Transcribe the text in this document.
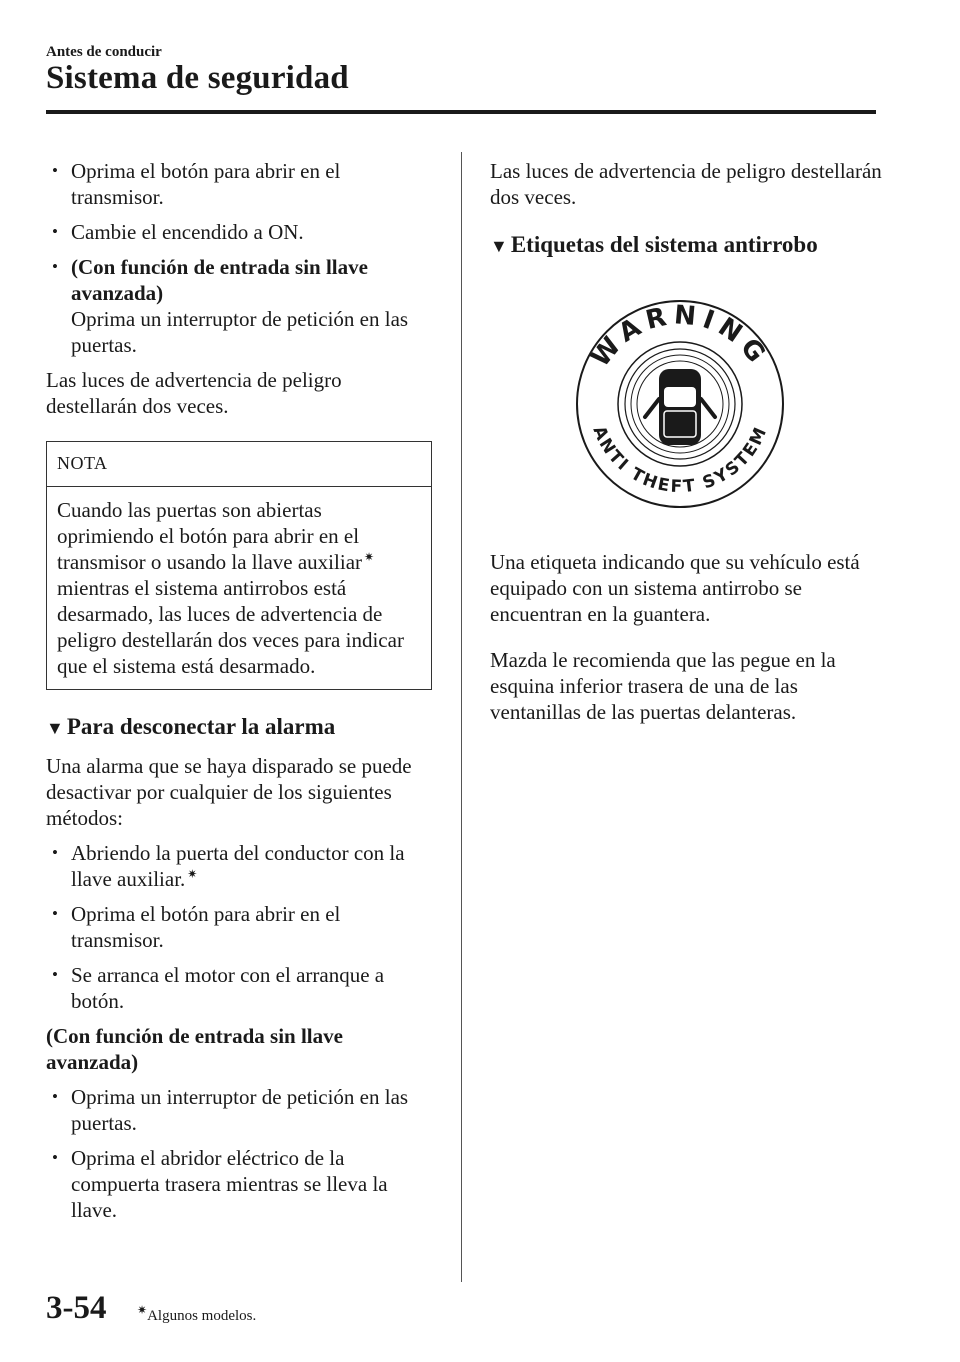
Antes de conducir
Sistema de seguridad
• Oprima el botón para abrir en el transmisor.
• Cambie el encendido a ON.
• (Con función de entrada sin llave avanzada)
Oprima un interruptor de petición en las puertas.
Las luces de advertencia de peligro destellarán dos veces.
NOTA
Cuando las puertas son abiertas oprimiendo el botón para abrir en el transmisor o usando la llave auxiliar ✷ mientras el sistema antirrobos está desarmado, las luces de advertencia de peligro destellarán dos veces para indicar que el sistema está desarmado.
▼ Para desconectar la alarma
Una alarma que se haya disparado se puede desactivar por cualquier de los siguientes métodos:
• Abriendo la puerta del conductor con la llave auxiliar. ✷
• Oprima el botón para abrir en el transmisor.
• Se arranca el motor con el arranque a botón.
(Con función de entrada sin llave avanzada)
• Oprima un interruptor de petición en las puertas.
• Oprima el abridor eléctrico de la compuerta trasera mientras se lleva la llave.
Las luces de advertencia de peligro destellarán dos veces.
▼ Etiquetas del sistema antirrobo
WARNING
ANTI THEFT SYSTEM
Una etiqueta indicando que su vehículo está equipado con un sistema antirrobo se encuentran en la guantera.
Mazda le recomienda que las pegue en la esquina inferior trasera de una de las ventanillas de las puertas delanteras.
3-54	✷Algunos modelos.
